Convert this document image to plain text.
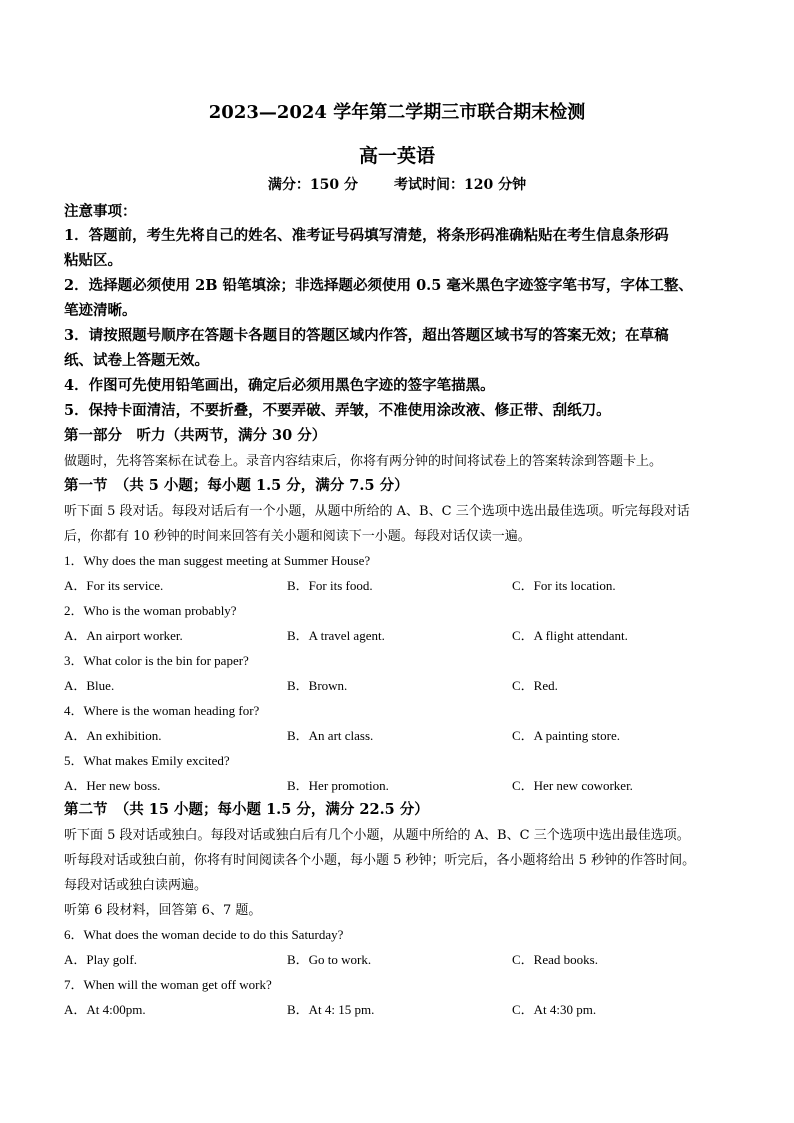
2023—2024 学年第二学期三市联合期末检测
高一英语
满分：150 分	考试时间：120 分钟
注意事项：
1．答题前，考生先将自己的姓名、准考证号码填写清楚，将条形码准确粘贴在考生信息条形码
粘贴区。
2．选择题必须使用 2B 铅笔填涂；非选择题必须使用 0.5 毫米黑色字迹签字笔书写，字体工整、
笔迹清晰。
3．请按照题号顺序在答题卡各题目的答题区域内作答，超出答题区域书写的答案无效；在草稿
纸、试卷上答题无效。
4．作图可先使用铅笔画出，确定后必须用黑色字迹的签字笔描黑。
5．保持卡面清洁，不要折叠，不要弄破、弄皱，不准使用涂改液、修正带、刮纸刀。
第一部分　听力（共两节，满分 30 分）
做题时，先将答案标在试卷上。录音内容结束后，你将有两分钟的时间将试卷上的答案转涂到答题卡上。
第一节　（共 5 小题；每小题 1.5 分，满分 7.5 分）
听下面 5 段对话。每段对话后有一个小题，从题中所给的 A、B、C 三个选项中选出最佳选项。听完每段对话
后，你都有 10 秒钟的时间来回答有关小题和阅读下一小题。每段对话仅读一遍。
1．Why does the man suggest meeting at Summer House?
A．For its service.	B．For its food.	C．For its location.
2．Who is the woman probably?
A．An airport worker.	B．A travel agent.	C．A flight attendant.
3．What color is the bin for paper?
A．Blue.	B．Brown.	C．Red.
4．Where is the woman heading for?
A．An exhibition.	B．An art class.	C．A painting store.
5．What makes Emily excited?
A．Her new boss.	B．Her promotion.	C．Her new coworker.
第二节　（共 15 小题；每小题 1.5 分，满分 22.5 分）
听下面 5 段对话或独白。每段对话或独白后有几个小题，从题中所给的 A、B、C 三个选项中选出最佳选项。
听每段对话或独白前，你将有时间阅读各个小题，每小题 5 秒钟；听完后，各小题将给出 5 秒钟的作答时间。
每段对话或独白读两遍。
听第 6 段材料，回答第 6、7 题。
6．What does the woman decide to do this Saturday?
A．Play golf.	B．Go to work.	C．Read books.
7．When will the woman get off work?
A．At 4:00pm.	B．At 4: 15 pm.	C．At 4:30 pm.
